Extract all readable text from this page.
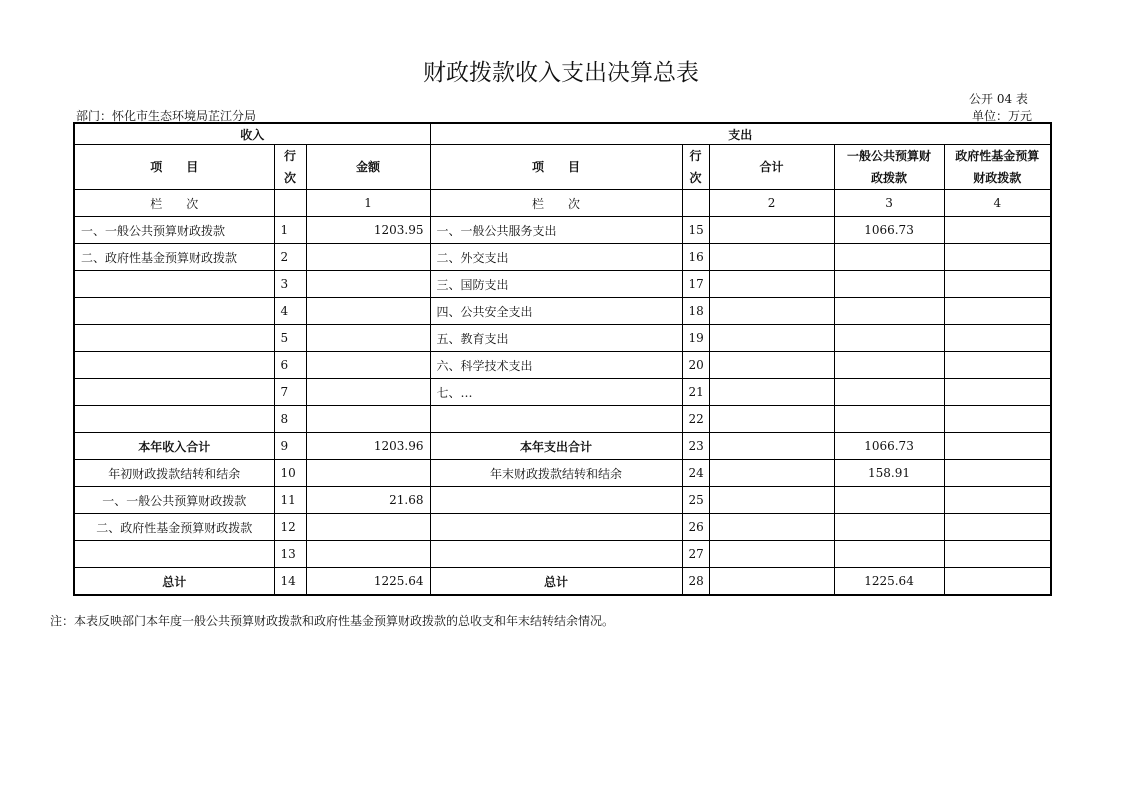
财政拨款收入支出决算总表
公开 04 表
部门：怀化市生态环境局芷江分局	单位：万元
收入			支出				
项　　目	行次	金额	项　　目	行次	合计	一般公共预算财政拨款	政府性基金预算财政拨款
栏　　次		1	栏　　次		2	3	4
一、一般公共预算财政拨款	1	1203.95	一、一般公共服务支出	15		1066.73	
二、政府性基金预算财政拨款	2		二、外交支出	16			
	3		三、国防支出	17			
	4		四、公共安全支出	18			
	5		五、教育支出	19			
	6		六、科学技术支出	20			
	7		七、…	21			
	8			22			
本年收入合计	9	1203.96	本年支出合计	23		1066.73	
年初财政拨款结转和结余	10		年末财政拨款结转和结余	24		158.91	
一、一般公共预算财政拨款	11	21.68		25			
二、政府性基金预算财政拨款	12			26			
	13			27			
总计	14	1225.64	总计	28		1225.64	
注：本表反映部门本年度一般公共预算财政拨款和政府性基金预算财政拨款的总收支和年末结转结余情况。
